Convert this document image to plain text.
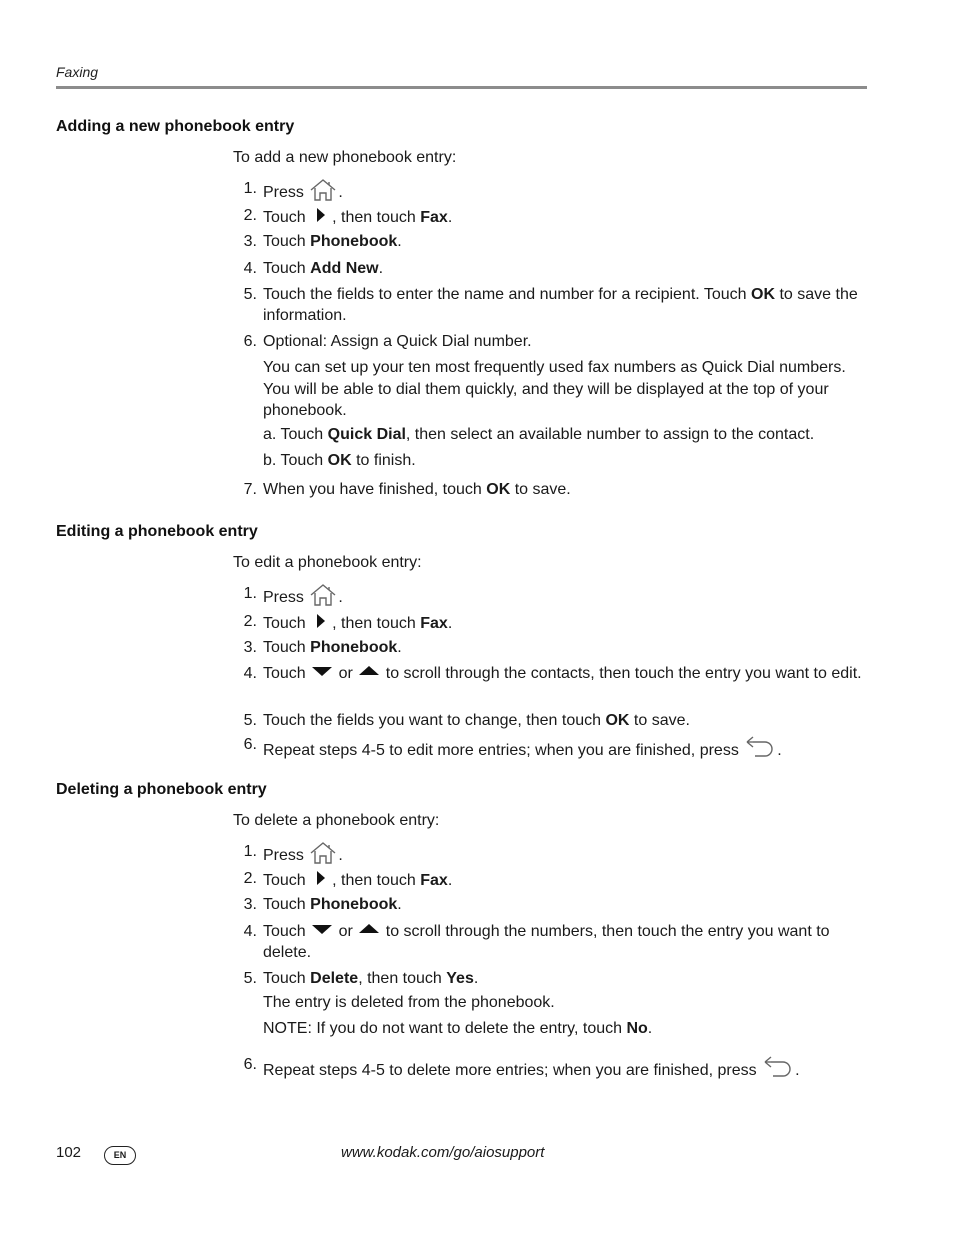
Faxing
Adding a new phonebook entry
To add a new phonebook entry:
1. Press .
2. Touch , then touch Fax.
3. Touch Phonebook.
4. Touch Add New.
5. Touch the fields to enter the name and number for a recipient. Touch OK to save the information.
6. Optional: Assign a Quick Dial number.
You can set up your ten most frequently used fax numbers as Quick Dial numbers. You will be able to dial them quickly, and they will be displayed at the top of your phonebook.
a. Touch Quick Dial, then select an available number to assign to the contact.
b. Touch OK to finish.
7. When you have finished, touch OK to save.
Editing a phonebook entry
To edit a phonebook entry:
1. Press .
2. Touch , then touch Fax.
3. Touch Phonebook.
4. Touch or to scroll through the contacts, then touch the entry you want to edit.
5. Touch the fields you want to change, then touch OK to save.
6. Repeat steps 4-5 to edit more entries; when you are finished, press .
Deleting a phonebook entry
To delete a phonebook entry:
1. Press .
2. Touch , then touch Fax.
3. Touch Phonebook.
4. Touch or to scroll through the numbers, then touch the entry you want to delete.
5. Touch Delete, then touch Yes.
The entry is deleted from the phonebook.
NOTE: If you do not want to delete the entry, touch No.
6. Repeat steps 4-5 to delete more entries; when you are finished, press .
102	EN	www.kodak.com/go/aiosupport
